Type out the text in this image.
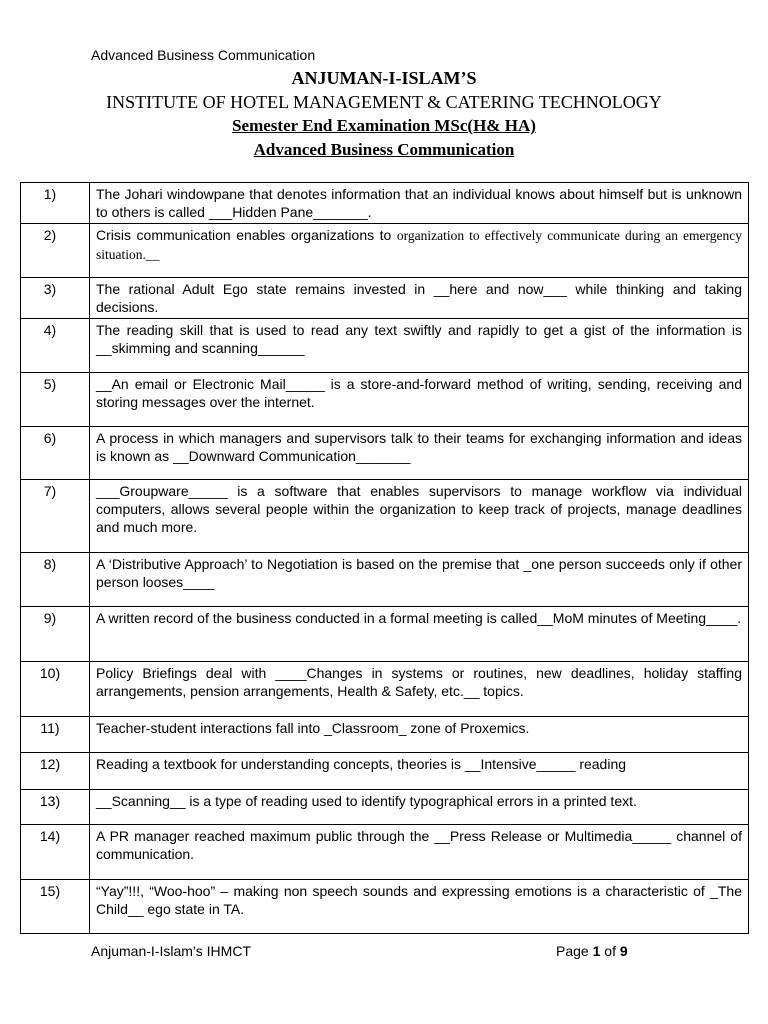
Advanced Business Communication
ANJUMAN-I-ISLAM’S
INSTITUTE OF HOTEL MANAGEMENT & CATERING TECHNOLOGY
Semester End Examination MSc(H& HA)
Advanced Business Communication
1)	The Johari windowpane that denotes information that an individual knows about himself but is unknown to others is called ___Hidden Pane_______.
2)	Crisis communication enables organizations to organization to effectively communicate during an emergency situation.__
3)	The rational Adult Ego state remains invested in __here and now___ while thinking and taking decisions.
4)	The reading skill that is used to read any text swiftly and rapidly to get a gist of the information is __skimming and scanning______
5)	__An email or Electronic Mail_____ is a store-and-forward method of writing, sending, receiving and storing messages over the internet.
6)	A process in which managers and supervisors talk to their teams for exchanging information and ideas is known as __Downward Communication_______
7)	___Groupware_____ is a software that enables supervisors to manage workflow via individual computers, allows several people within the organization to keep track of projects, manage deadlines and much more.
8)	A ‘Distributive Approach’ to Negotiation is based on the premise that _one person succeeds only if other person looses____
9)	A written record of the business conducted in a formal meeting is called__MoM minutes of Meeting____.
10)	Policy Briefings deal with ____Changes in systems or routines, new deadlines, holiday staffing arrangements, pension arrangements, Health & Safety, etc.__ topics.
11)	Teacher-student interactions fall into _Classroom_ zone of Proxemics.
12)	Reading a textbook for understanding concepts, theories is __Intensive_____ reading
13)	__Scanning__ is a type of reading used to identify typographical errors in a printed text.
14)	A PR manager reached maximum public through the __Press Release or Multimedia_____ channel of communication.
15)	“Yay”!!!, “Woo-hoo” – making non speech sounds and expressing emotions is a characteristic of _The Child__ ego state in TA.
Anjuman-I-Islam’s IHMCT	Page 1 of 9
